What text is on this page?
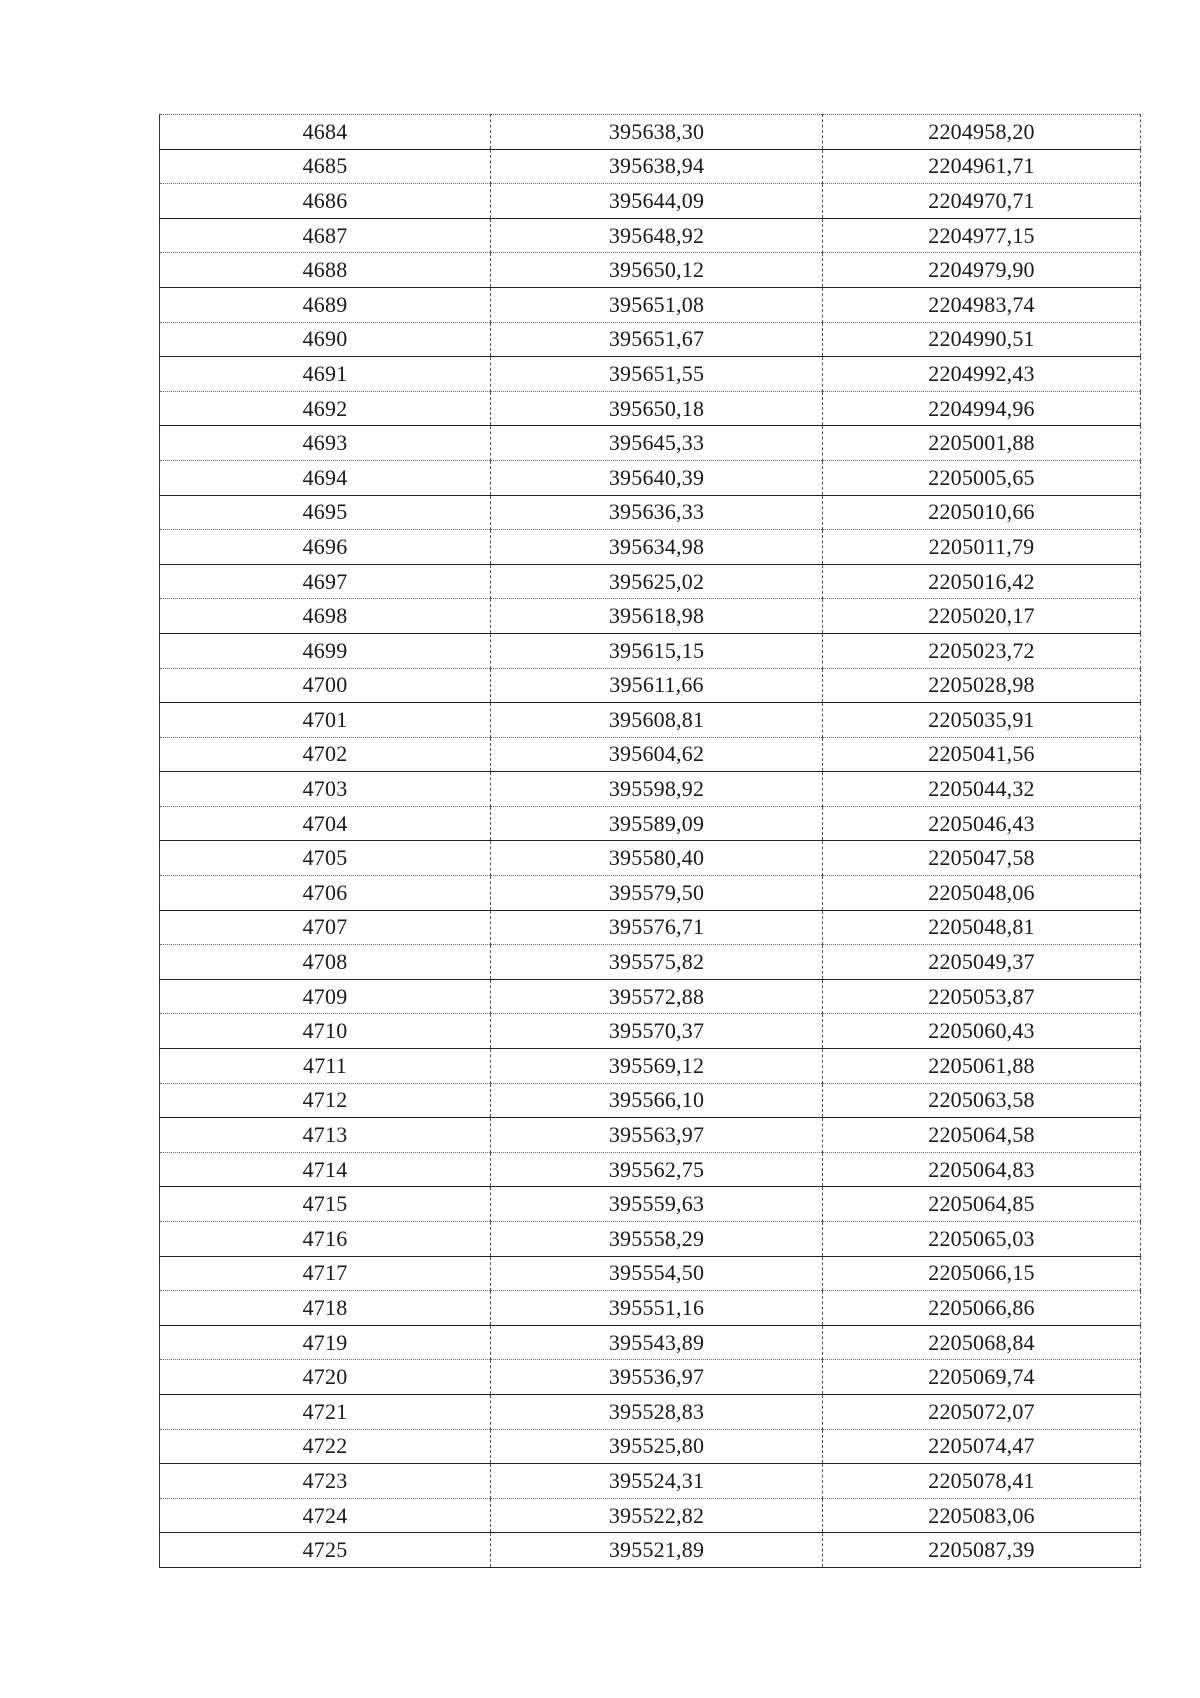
4684	395638,30	2204958,20
4685	395638,94	2204961,71
4686	395644,09	2204970,71
4687	395648,92	2204977,15
4688	395650,12	2204979,90
4689	395651,08	2204983,74
4690	395651,67	2204990,51
4691	395651,55	2204992,43
4692	395650,18	2204994,96
4693	395645,33	2205001,88
4694	395640,39	2205005,65
4695	395636,33	2205010,66
4696	395634,98	2205011,79
4697	395625,02	2205016,42
4698	395618,98	2205020,17
4699	395615,15	2205023,72
4700	395611,66	2205028,98
4701	395608,81	2205035,91
4702	395604,62	2205041,56
4703	395598,92	2205044,32
4704	395589,09	2205046,43
4705	395580,40	2205047,58
4706	395579,50	2205048,06
4707	395576,71	2205048,81
4708	395575,82	2205049,37
4709	395572,88	2205053,87
4710	395570,37	2205060,43
4711	395569,12	2205061,88
4712	395566,10	2205063,58
4713	395563,97	2205064,58
4714	395562,75	2205064,83
4715	395559,63	2205064,85
4716	395558,29	2205065,03
4717	395554,50	2205066,15
4718	395551,16	2205066,86
4719	395543,89	2205068,84
4720	395536,97	2205069,74
4721	395528,83	2205072,07
4722	395525,80	2205074,47
4723	395524,31	2205078,41
4724	395522,82	2205083,06
4725	395521,89	2205087,39
